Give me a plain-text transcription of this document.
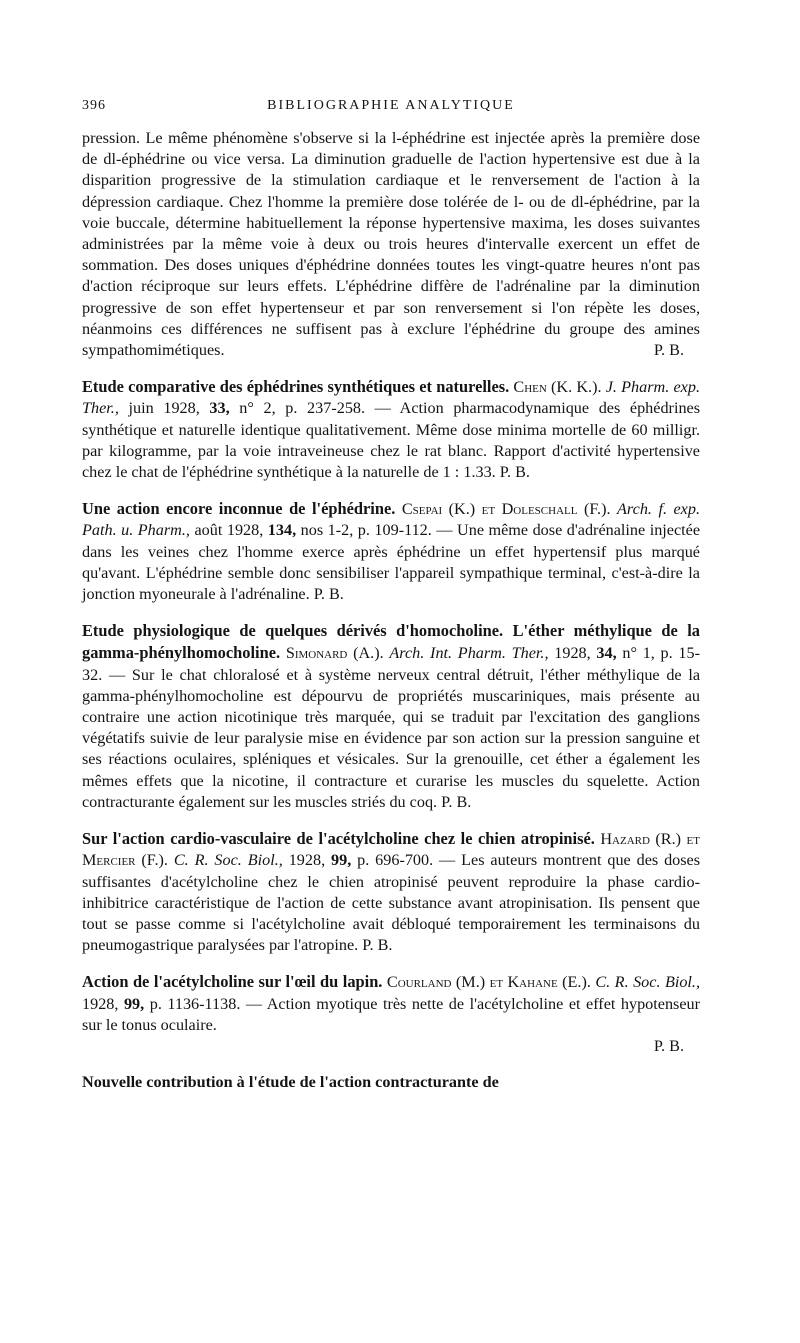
396	BIBLIOGRAPHIE ANALYTIQUE

pression. Le même phénomène s'observe si la l-éphédrine est injectée après la première dose de dl-éphédrine ou vice versa. La diminution graduelle de l'action hypertensive est due à la disparition progressive de la stimulation cardiaque et le renversement de l'action à la dépression cardiaque. Chez l'homme la première dose tolérée de l- ou de dl-éphédrine, par la voie buccale, détermine habituellement la réponse hypertensive maxima, les doses suivantes administrées par la même voie à deux ou trois heures d'intervalle exercent un effet de sommation. Des doses uniques d'éphédrine données toutes les vingt-quatre heures n'ont pas d'action réciproque sur leurs effets. L'éphédrine diffère de l'adrénaline par la diminution progressive de son effet hypertenseur et par son renversement si l'on répète les doses, néanmoins ces différences ne suffisent pas à exclure l'éphédrine du groupe des amines sympathomimétiques.	P. B.

Etude comparative des éphédrines synthétiques et naturelles. Chen (K. K.). J. Pharm. exp. Ther., juin 1928, 33, n° 2, p. 237-258. — Action pharmacodynamique des éphédrines synthétique et naturelle identique qualitativement. Même dose minima mortelle de 60 milligr. par kilogramme, par la voie intraveineuse chez le rat blanc. Rapport d'activité hypertensive chez le chat de l'éphédrine synthétique à la naturelle de 1 : 1.33. P. B.

Une action encore inconnue de l'éphédrine. Csepai (K.) et Doleschall (F.). Arch. f. exp. Path. u. Pharm., août 1928, 134, nos 1-2, p. 109-112. — Une même dose d'adrénaline injectée dans les veines chez l'homme exerce après éphédrine un effet hypertensif plus marqué qu'avant. L'éphédrine semble donc sensibiliser l'appareil sympathique terminal, c'est-à-dire la jonction myoneurale à l'adrénaline. P. B.

Etude physiologique de quelques dérivés d'homocholine. L'éther méthylique de la gamma-phénylhomocholine. Simonard (A.). Arch. Int. Pharm. Ther., 1928, 34, n° 1, p. 15-32. — Sur le chat chloralosé et à système nerveux central détruit, l'éther méthylique de la gamma-phénylhomocholine est dépourvu de propriétés muscariniques, mais présente au contraire une action nicotinique très marquée, qui se traduit par l'excitation des ganglions végétatifs suivie de leur paralysie mise en évidence par son action sur la pression sanguine et ses réactions oculaires, spléniques et vésicales. Sur la grenouille, cet éther a également les mêmes effets que la nicotine, il contracture et curarise les muscles du squelette. Action contracturante également sur les muscles striés du coq. P. B.

Sur l'action cardio-vasculaire de l'acétylcholine chez le chien atropinisé. Hazard (R.) et Mercier (F.). C. R. Soc. Biol., 1928, 99, p. 696-700. — Les auteurs montrent que des doses suffisantes d'acétylcholine chez le chien atropinisé peuvent reproduire la phase cardio-inhibitrice caractéristique de l'action de cette substance avant atropinisation. Ils pensent que tout se passe comme si l'acétylcholine avait débloqué temporairement les terminaisons du pneumogastrique paralysées par l'atropine. P. B.

Action de l'acétylcholine sur l'œil du lapin. Courland (M.) et Kahane (E.). C. R. Soc. Biol., 1928, 99, p. 1136-1138. — Action myotique très nette de l'acétylcholine et effet hypotenseur sur le tonus oculaire.

P. B.

Nouvelle contribution à l'étude de l'action contracturante de
